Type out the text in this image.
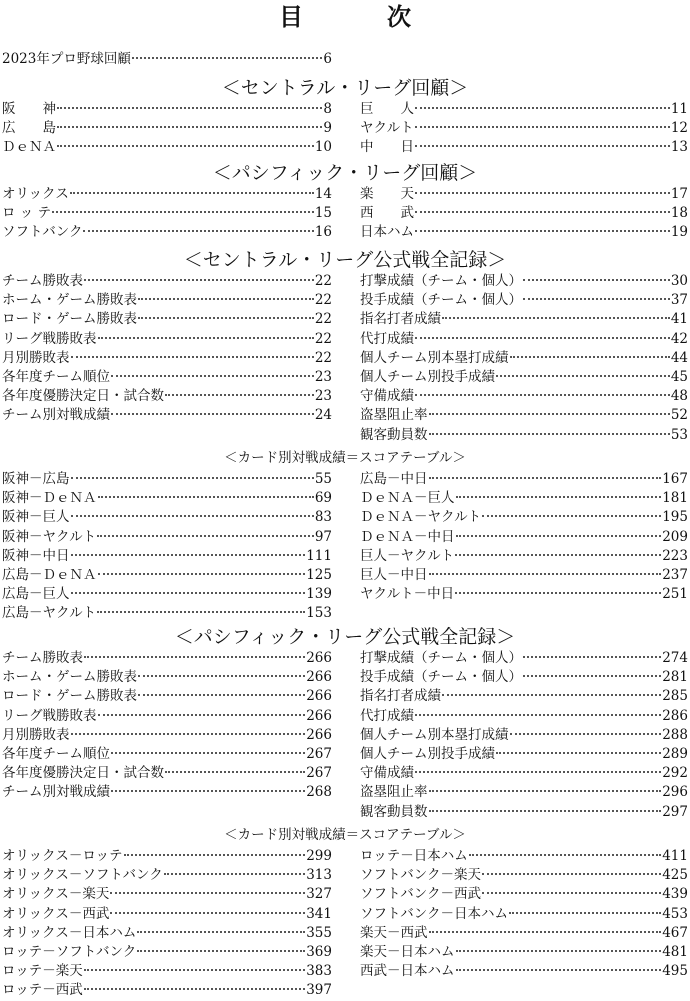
目　次
2023年プロ野球回顧	6
＜セントラル・リーグ回顧＞
阪　　神	8
広　　島	9
ＤｅＮＡ	10
巨　　人	11
ヤクルト	12
中　　日	13
＜パシフィック・リーグ回顧＞
オリックス	14
ロ ッ テ	15
ソフトバンク	16
楽　　天	17
西　　武	18
日本ハム	19
＜セントラル・リーグ公式戦全記録＞
チーム勝敗表	22
ホーム・ゲーム勝敗表	22
ロード・ゲーム勝敗表	22
リーグ戦勝敗表	22
月別勝敗表	22
各年度チーム順位	23
各年度優勝決定日・試合数	23
チーム別対戦成績	24
打撃成績（チーム・個人）	30
投手成績（チーム・個人）	37
指名打者成績	41
代打成績	42
個人チーム別本塁打成績	44
個人チーム別投手成績	45
守備成績	48
盗塁阻止率	52
観客動員数	53
＜カード別対戦成績＝スコアテーブル＞
阪神－広島	55
阪神－ＤｅＮＡ	69
阪神－巨人	83
阪神－ヤクルト	97
阪神－中日	111
広島－ＤｅＮＡ	125
広島－巨人	139
広島－ヤクルト	153
広島－中日	167
ＤｅＮＡ－巨人	181
ＤｅＮＡ－ヤクルト	195
ＤｅＮＡ－中日	209
巨人－ヤクルト	223
巨人－中日	237
ヤクルト－中日	251
＜パシフィック・リーグ公式戦全記録＞
チーム勝敗表	266
ホーム・ゲーム勝敗表	266
ロード・ゲーム勝敗表	266
リーグ戦勝敗表	266
月別勝敗表	266
各年度チーム順位	267
各年度優勝決定日・試合数	267
チーム別対戦成績	268
打撃成績（チーム・個人）	274
投手成績（チーム・個人）	281
指名打者成績	285
代打成績	286
個人チーム別本塁打成績	288
個人チーム別投手成績	289
守備成績	292
盗塁阻止率	296
観客動員数	297
＜カード別対戦成績＝スコアテーブル＞
オリックス－ロッテ	299
オリックス－ソフトバンク	313
オリックス－楽天	327
オリックス－西武	341
オリックス－日本ハム	355
ロッテ－ソフトバンク	369
ロッテ－楽天	383
ロッテ－西武	397
ロッテ－日本ハム	411
ソフトバンク－楽天	425
ソフトバンク－西武	439
ソフトバンク－日本ハム	453
楽天－西武	467
楽天－日本ハム	481
西武－日本ハム	495
